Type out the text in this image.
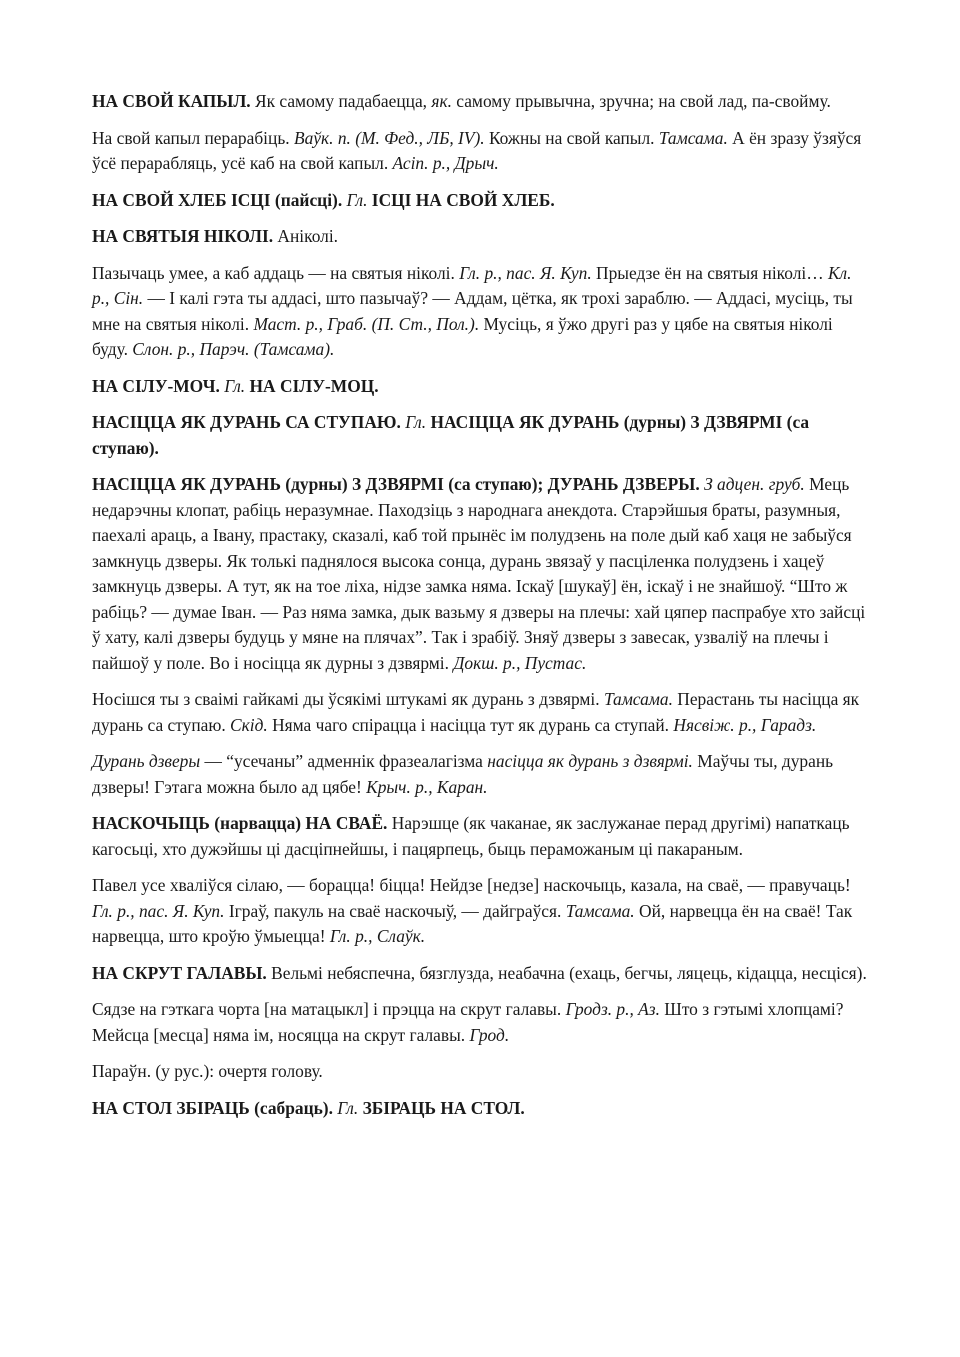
НА СВОЙ КАПЫЛ. Як самому падабаецца, як. самому прывычна, зручна; на свой лад, па-свойму.

На свой капыл перарабіць. Ваўк. п. (М. Фед., ЛБ, IV). Кожны на свой капыл. Тамсама. А ён зразу ўзяўся ўсё перарабляць, усё каб на свой капыл. Асіп. р., Дрыч.

НА СВОЙ ХЛЕБ ІСЦІ (пайсці). Гл. ІСЦІ НА СВОЙ ХЛЕБ.

НА СВЯТЫЯ НІКОЛІ. Аніколі.

Пазычаць умее, а каб аддаць — на святыя ніколі. Гл. р., пас. Я. Куп. Прыедзе ён на святыя ніколі… Кл. р., Сін. — І калі гэта ты аддасі, што пазычаў? — Аддам, цётка, як трохі зараблю. — Аддасі, мусіць, ты мне на святыя ніколі. Маст. р., Граб. (П. Ст., Пол.). Мусіць, я ўжо другі раз у цябе на святыя ніколі буду. Слон. р., Парэч. (Тамсама).

НА СІЛУ-МОЧ. Гл. НА СІЛУ-МОЦ.

НАСІЦЦА ЯК ДУРАНЬ СА СТУПАЮ. Гл. НАСІЦЦА ЯК ДУРАНЬ (дурны) З ДЗВЯРМІ (са ступаю).

НАСІЦЦА ЯК ДУРАНЬ (дурны) З ДЗВЯРМІ (са ступаю); ДУРАНЬ ДЗВЕРЫ. З адцен. груб. Мець недарэчны клопат, рабіць неразумнае. Паходзіць з народнага анекдота. Старэйшыя браты, разумныя, паехалі араць, а Івану, прастаку, сказалі, каб той прынёс ім полудзень на поле дый каб хаця не забыўся замкнуць дзверы. Як толькі паднялося высока сонца, дурань звязаў у пасціленка полудзень і хацеў замкнуць дзверы. А тут, як на тое ліха, нідзе замка няма. Іскаў [шукаў] ён, іскаў і не знайшоў. “Што ж рабіць? — думае Іван. — Раз няма замка, дык вазьму я дзверы на плечы: хай цяпер паспрабуе хто зайсці ў хату, калі дзверы будуць у мяне на плячах”. Так і зрабіў. Зняў дзверы з завесак, узваліў на плечы і пайшоў у поле. Во і носіцца як дурны з дзвярмі. Докш. р., Пустас.

Носішся ты з сваімі гайкамі ды ўсякімі штукамі як дурань з дзвярмі. Тамсама. Перастань ты насіцца як дурань са ступаю. Скід. Няма чаго спірацца і насіцца тут як дурань са ступай. Нясвіж. р., Гарадз.

Дурань дзверы — “усечаны” адменнік фразеалагізма насіцца як дурань з дзвярмі. Маўчы ты, дурань дзверы! Гэтага можна было ад цябе! Крыч. р., Каран.

НАСКОЧЫЦЬ (нарвацца) НА СВАЁ. Нарэшце (як чаканае, як заслужанае перад другімі) напаткаць кагосьці, хто дужэйшы ці дасціпнейшы, і пацярпець, быць пераможаным ці пакараным.

Павел усе хваліўся сілаю, — борацца! біцца! Нейдзе [недзе] наскочыць, казала, на сваё, — правучаць! Гл. р., пас. Я. Куп. Іграў, пакуль на сваё наскочыў, — дайграўся. Тамсама. Ой, нарвецца ён на сваё! Так нарвецца, што кроўю ўмыецца! Гл. р., Слаўк.

НА СКРУТ ГАЛАВЫ. Вельмі небяспечна, бязглузда, неабачна (ехаць, бегчы, ляцець, кідацца, несціся).

Сядзе на гэткага чорта [на матацыкл] і прэцца на скрут галавы. Гродз. р., Аз. Што з гэтымі хлопцамі? Мейсца [месца] няма ім, носяцца на скрут галавы. Грод.

Параўн. (у рус.): очертя голову.

НА СТОЛ ЗБІРАЦЬ (сабраць). Гл. ЗБІРАЦЬ НА СТОЛ.
